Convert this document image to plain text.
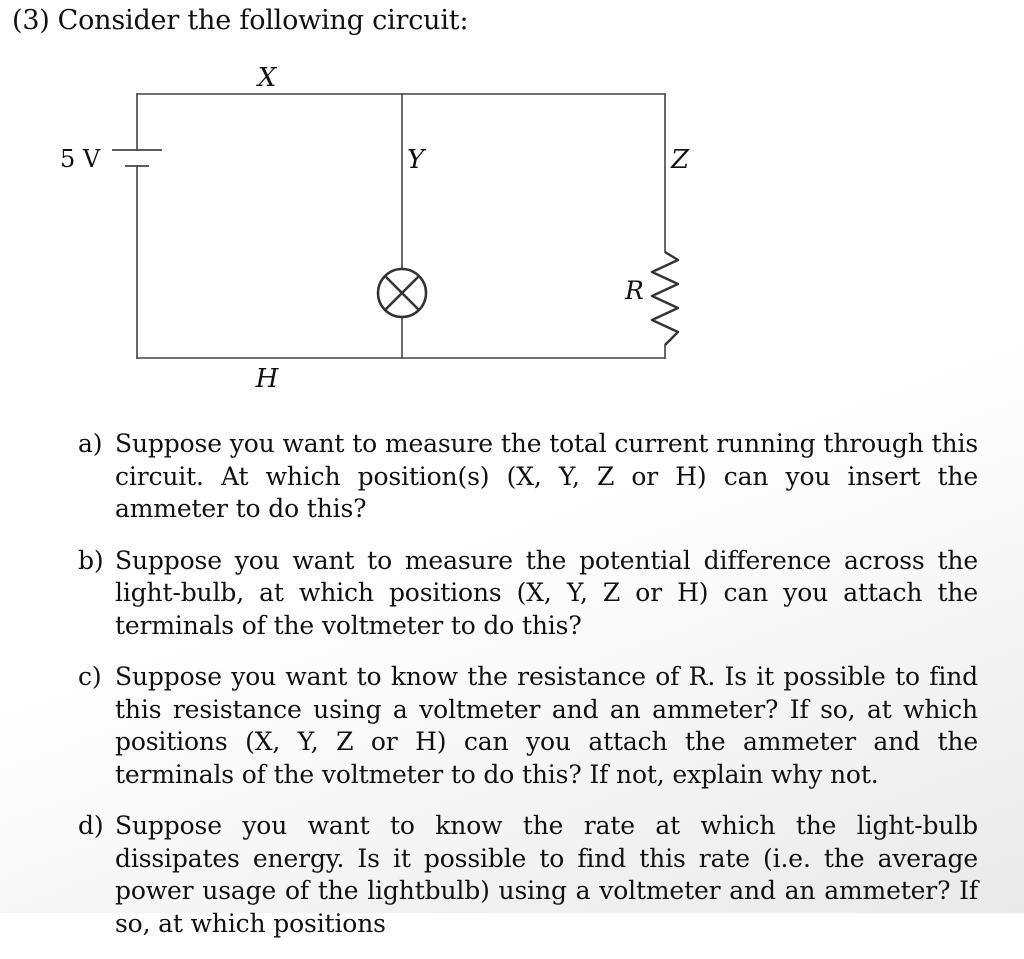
(3) Consider the following circuit:
X
Y	Z
H
R
5 V
a) Suppose you want to measure the total current running through this circuit. At which position(s) (X, Y, Z or H) can you insert the ammeter to do this?
b) Suppose you want to measure the potential difference across the light-bulb, at which positions (X, Y, Z or H) can you attach the terminals of the voltmeter to do this?
c) Suppose you want to know the resistance of R. Is it possible to find this resistance using a voltmeter and an ammeter? If so, at which positions (X, Y, Z or H) can you attach the ammeter and the terminals of the voltmeter to do this? If not, explain why not.
d) Suppose you want to know the rate at which the light-bulb dissipates energy. Is it possible to find this rate (i.e. the average power usage of the lightbulb) using a voltmeter and an ammeter? If so, at which positions
